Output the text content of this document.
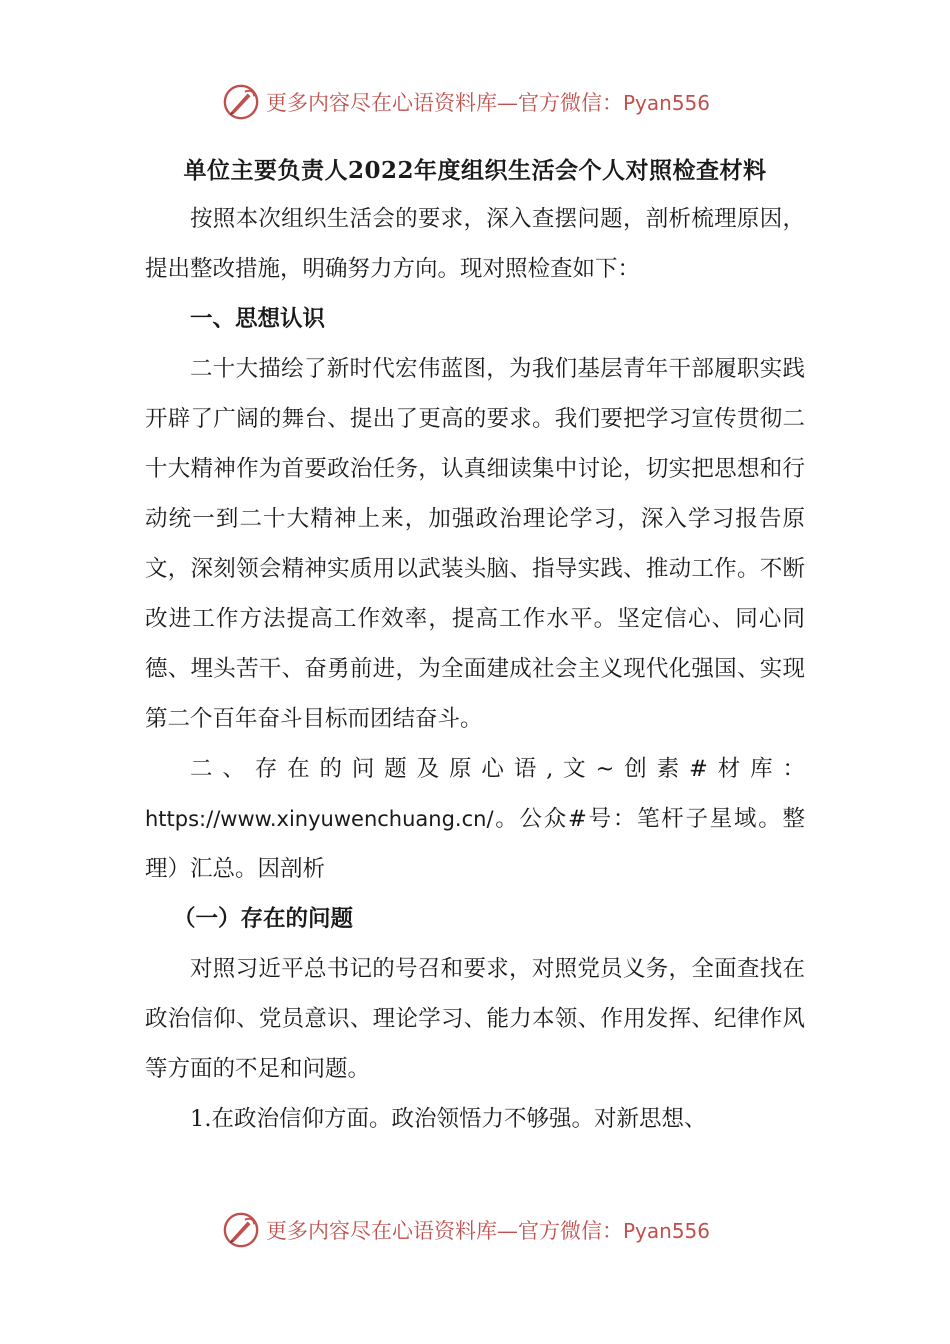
更多内容尽在心语资料库—官方微信：Pyan556

单位主要负责人2022年度组织生活会个人对照检查材料

按照本次组织生活会的要求，深入查摆问题，剖析梳理原因，提出整改措施，明确努力方向。现对照检查如下：

一、思想认识

二十大描绘了新时代宏伟蓝图，为我们基层青年干部履职实践开辟了广阔的舞台、提出了更高的要求。我们要把学习宣传贯彻二十大精神作为首要政治任务，认真细读集中讨论，切实把思想和行动统一到二十大精神上来，加强政治理论学习，深入学习报告原文，深刻领会精神实质用以武装头脑、指导实践、推动工作。不断改进工作方法提高工作效率，提高工作水平。坚定信心、同心同德、埋头苦干、奋勇前进，为全面建成社会主义现代化强国、实现第二个百年奋斗目标而团结奋斗。

二、存在的问题及原心语,文~创素#材库：https://www.xinyuwenchuang.cn/。公众#号：笔杆子星域。整理）汇总。因剖析

（一）存在的问题

对照习近平总书记的号召和要求，对照党员义务，全面查找在政治信仰、党员意识、理论学习、能力本领、作用发挥、纪律作风等方面的不足和问题。

1.在政治信仰方面。政治领悟力不够强。对新思想、

更多内容尽在心语资料库—官方微信：Pyan556
